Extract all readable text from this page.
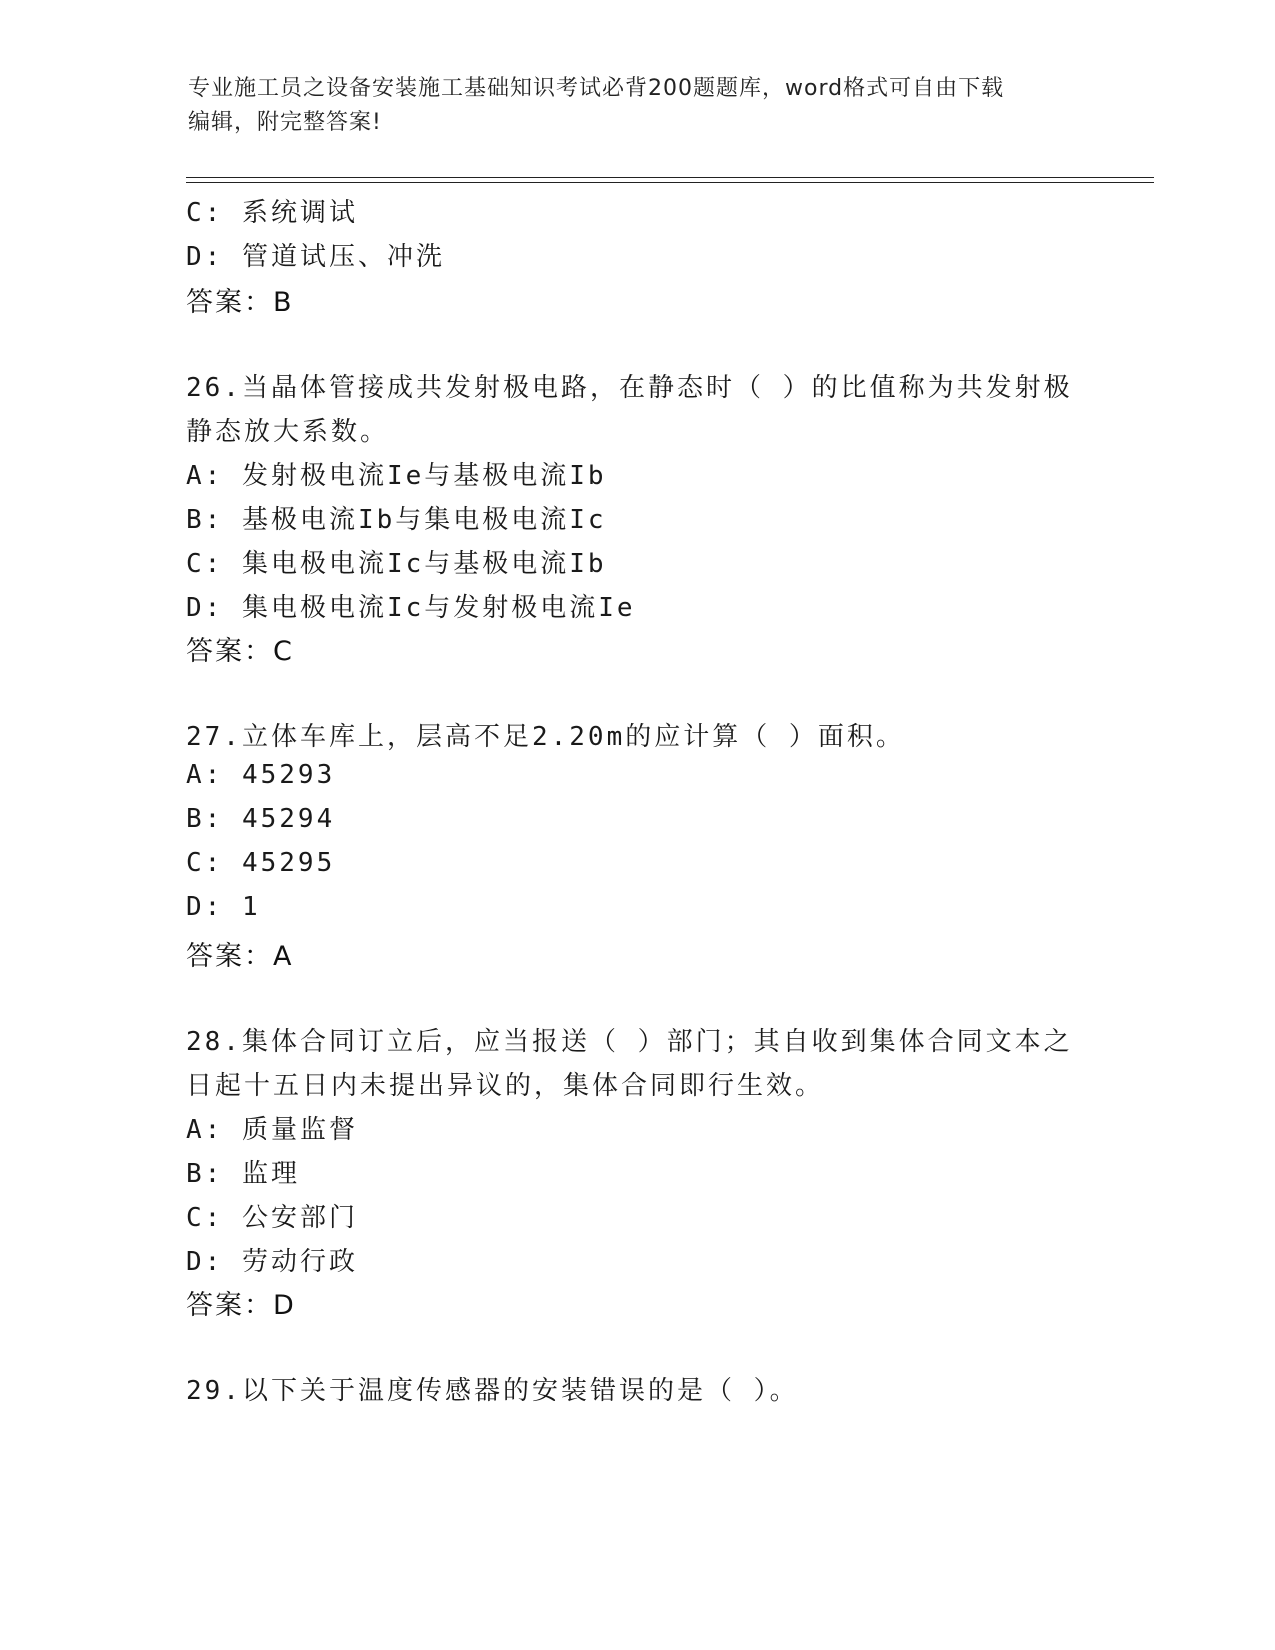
专业施工员之设备安装施工基础知识考试必背200题题库，word格式可自由下载
编辑，附完整答案!
C: 系统调试
D: 管道试压、冲洗
答案：B
26.当晶体管接成共发射极电路，在静态时（ ）的比值称为共发射极
静态放大系数。
A: 发射极电流Ie与基极电流Ib
B: 基极电流Ib与集电极电流Ic
C: 集电极电流Ic与基极电流Ib
D: 集电极电流Ic与发射极电流Ie
答案：C
27.立体车库上，层高不足2.20m的应计算（ ）面积。
A: 45293
B: 45294
C: 45295
D: 1
答案：A
28.集体合同订立后，应当报送（ ）部门；其自收到集体合同文本之
日起十五日内未提出异议的，集体合同即行生效。
A: 质量监督
B: 监理
C: 公安部门
D: 劳动行政
答案：D
29.以下关于温度传感器的安装错误的是（ ）。
